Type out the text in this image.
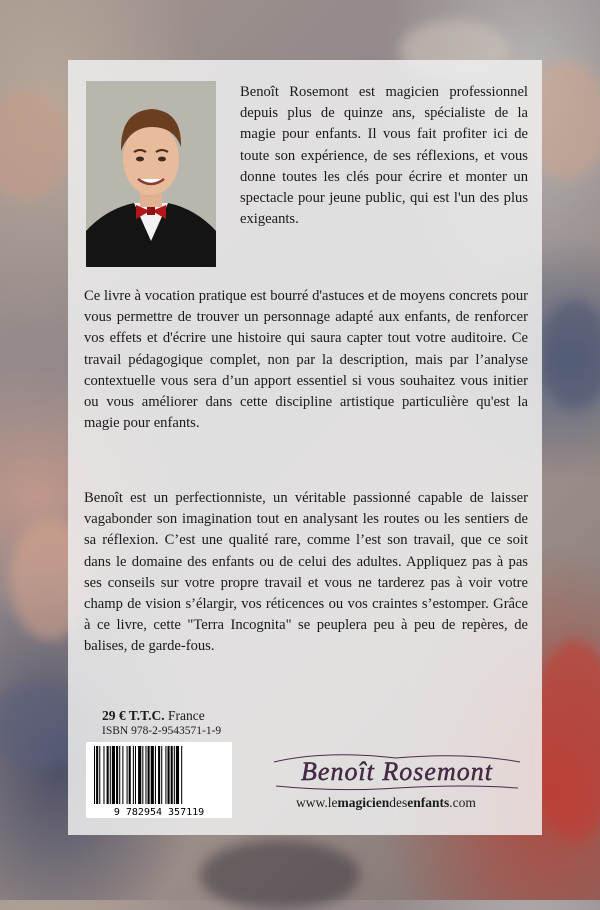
Benoît Rosemont est magicien professionnel depuis plus de quinze ans, spécialiste de la magie pour enfants. Il vous fait profiter ici de toute son expérience, de ses réflexions, et vous donne toutes les clés pour écrire et monter un spectacle pour jeune public, qui est l'un des plus exigeants.

Ce livre à vocation pratique est bourré d'astuces et de moyens concrets pour vous permettre de trouver un personnage adapté aux enfants, de renforcer vos effets et d'écrire une histoire qui saura capter tout votre auditoire. Ce travail pédagogique complet, non par la description, mais par l’analyse contextuelle vous sera d’un apport essentiel si vous souhaitez vous initier ou vous améliorer dans cette discipline artistique particulière qu'est la magie pour enfants.

Benoît est un perfectionniste, un véritable passionné capable de laisser vagabonder son imagination tout en analysant les routes ou les sentiers de sa réflexion. C’est une qualité rare, comme l’est son travail, que ce soit dans le domaine des enfants ou de celui des adultes. Appliquez pas à pas ses conseils sur votre propre travail et vous ne tarderez pas à voir votre champ de vision s’élargir, vos réticences ou vos craintes s’estomper. Grâce à ce livre, cette "Terra Incognita" se peuplera peu à peu de repères, de balises, de garde-fous.

29 € T.T.C. France
ISBN 978-2-9543571-1-9
9 782954 357119
Benoît Rosemont
www.lemagiciendesenfants.com
